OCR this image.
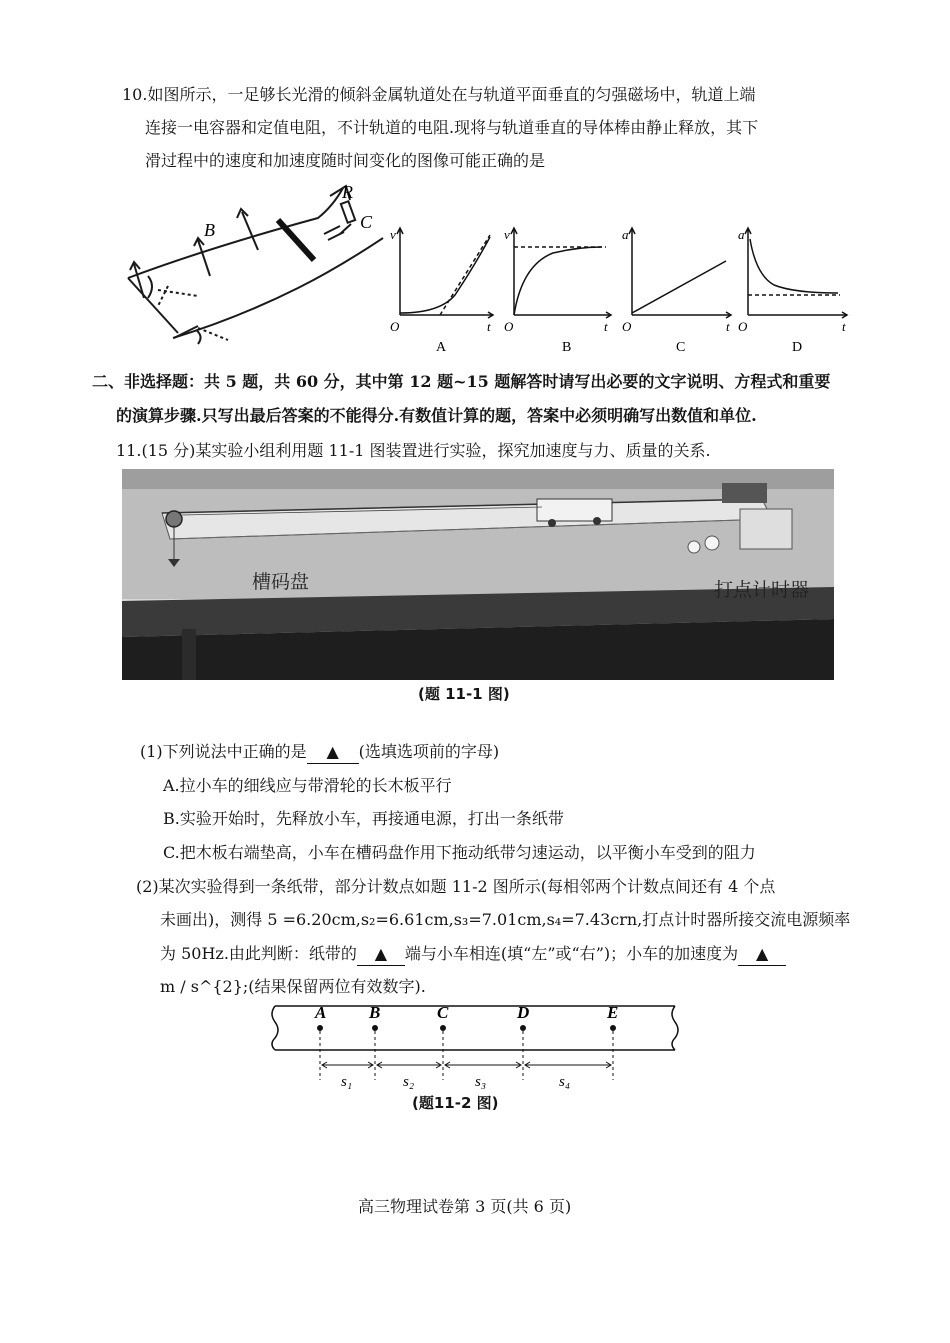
10.如图所示，一足够长光滑的倾斜金属轨道处在与轨道平面垂直的匀强磁场中，轨道上端
连接一电容器和定值电阻，不计轨道的电阻.现将与轨道垂直的导体棒由静止释放，其下
滑过程中的速度和加速度随时间变化的图像可能正确的是
B
R
C
v
O	t
A
v
O	t
B
a
O	t
C
a
O	t
D
二、非选择题：共 5 题，共 60 分，其中第 12 题~15 题解答时请写出必要的文字说明、方程式和重要
的演算步骤.只写出最后答案的不能得分.有数值计算的题，答案中必须明确写出数值和单位.
11.(15 分)某实验小组利用题 11-1 图装置进行实验，探究加速度与力、质量的关系.
槽码盘	打点计时器
(题 11-1 图)
(1)下列说法中正确的是 ▲ (选填选项前的字母)
A.拉小车的细线应与带滑轮的长木板平行
B.实验开始时，先释放小车，再接通电源，打出一条纸带
C.把木板右端垫高，小车在槽码盘作用下拖动纸带匀速运动，以平衡小车受到的阻力
(2)某次实验得到一条纸带，部分计数点如题 11-2 图所示(每相邻两个计数点间还有 4 个点
未画出)，测得 5 =6.20cm,s₂=6.61cm,s₃=7.01cm,s₄=7.43crn,打点计时器所接交流电源频率
为 50Hz.由此判断：纸带的 ▲ 端与小车相连(填“左”或“右”)；小车的加速度为 ▲
m / s^{2};(结果保留两位有效数字).
A	B	C	D	E
s₁	s₂	s₃	s₄
(题11-2 图)
高三物理试卷第 3 页(共 6 页)
